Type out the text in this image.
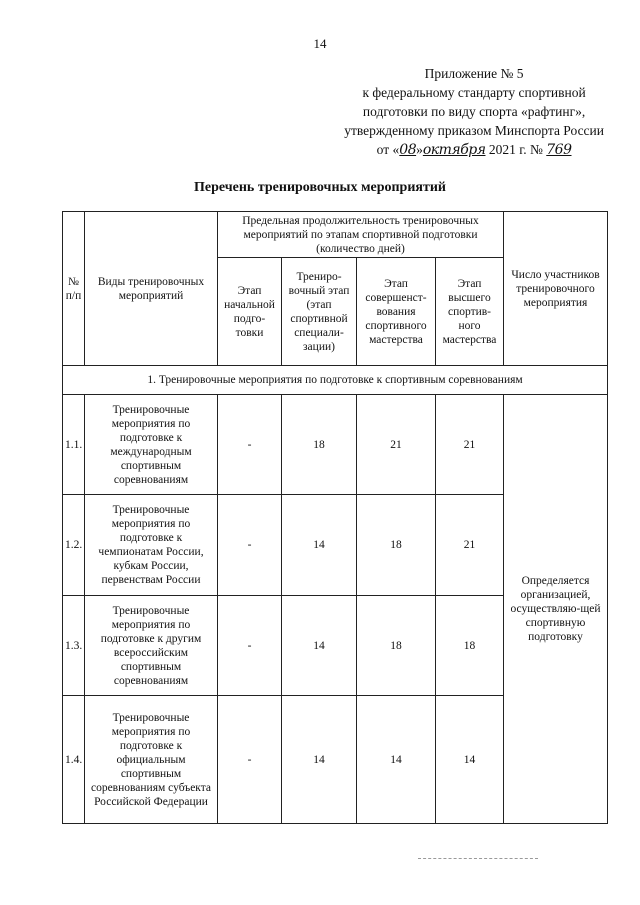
14
Приложение № 5
к федеральному стандарту спортивной
подготовки по виду спорта «рафтинг»,
утвержденному приказом Минспорта России
от «08»октября 2021 г. № 769
Перечень тренировочных мероприятий
№ п/п	Виды тренировочных мероприятий	Предельная продолжительность тренировочных мероприятий по этапам спортивной подготовки (количество дней)				Число участников тренировочного мероприятия
		Этап начальной подго-товки	Трениро-вочный этап (этап спортивной специали-зации)	Этап совершенст-вования спортивного мастерства	Этап высшего спортив-ного мастерства	
1. Тренировочные мероприятия по подготовке к спортивным соревнованиям						
1.1.	Тренировочные мероприятия по подготовке к международным спортивным соревнованиям	-	18	21	21	Определяется организацией, осуществляю-щей спортивную подготовку
1.2.	Тренировочные мероприятия по подготовке к чемпионатам России, кубкам России, первенствам России	-	14	18	21	
1.3.	Тренировочные мероприятия по подготовке к другим всероссийским спортивным соревнованиям	-	14	18	18	
1.4.	Тренировочные мероприятия по подготовке к официальным спортивным соревнованиям субъекта Российской Федерации	-	14	14	14	
